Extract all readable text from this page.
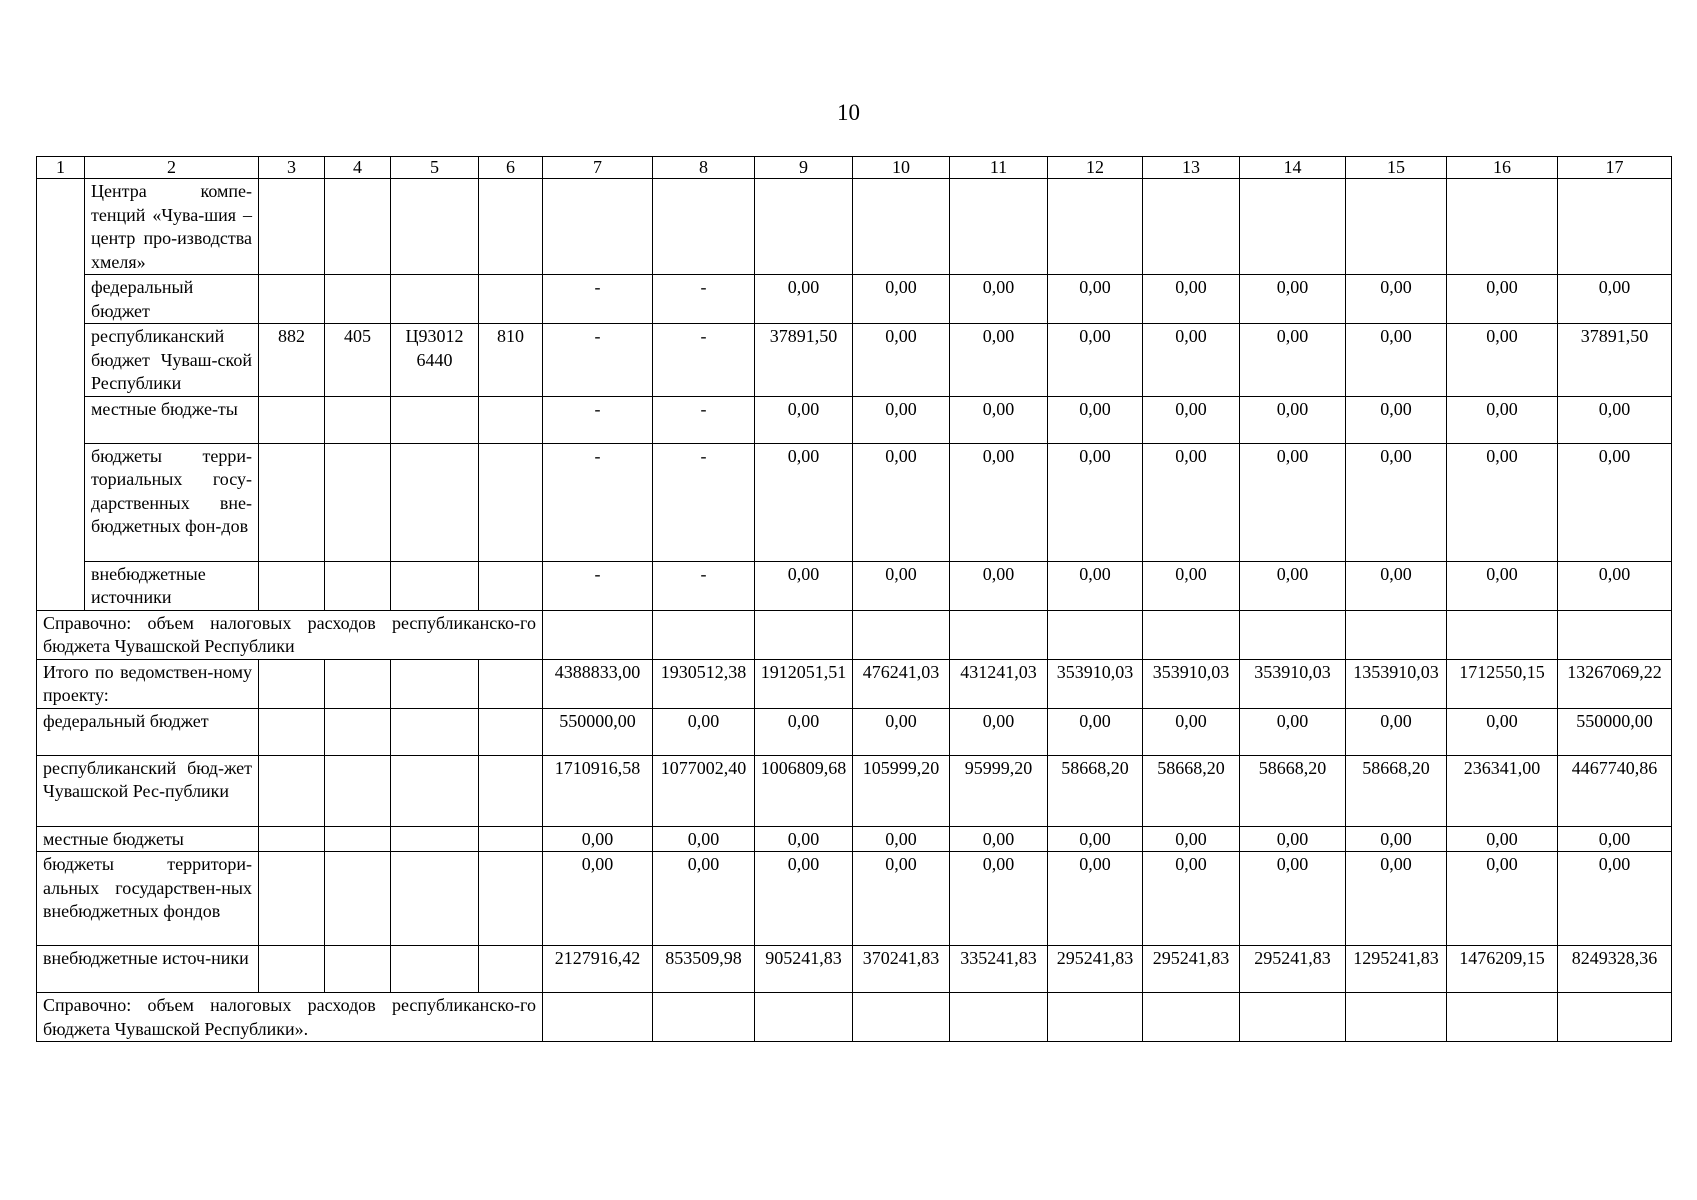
10
1	2	3	4	5	6	7	8	9	10	11	12	13	14	15	16	17
	Центра компе-тенций «Чува-шия – центр про-изводства хмеля»															
	федеральный бюджет					-	-	0,00	0,00	0,00	0,00	0,00	0,00	0,00	0,00	0,00
	республиканский бюджет Чуваш-ской Республики	882	405	Ц93012 6440	810	-	-	37891,50	0,00	0,00	0,00	0,00	0,00	0,00	0,00	37891,50
	местные бюдже-ты					-	-	0,00	0,00	0,00	0,00	0,00	0,00	0,00	0,00	0,00
	бюджеты терри-ториальных госу-дарственных вне-бюджетных фон-дов					-	-	0,00	0,00	0,00	0,00	0,00	0,00	0,00	0,00	0,00
	внебюджетные источники					-	-	0,00	0,00	0,00	0,00	0,00	0,00	0,00	0,00	0,00
Справочно: объем налоговых расходов республиканско-го бюджета Чувашской Республики																
Итого по ведомствен-ному проекту:						4388833,00	1930512,38	1912051,51	476241,03	431241,03	353910,03	353910,03	353910,03	1353910,03	1712550,15	13267069,22
федеральный бюджет						550000,00	0,00	0,00	0,00	0,00	0,00	0,00	0,00	0,00	0,00	550000,00
республиканский бюд-жет Чувашской Рес-публики						1710916,58	1077002,40	1006809,68	105999,20	95999,20	58668,20	58668,20	58668,20	58668,20	236341,00	4467740,86
местные бюджеты						0,00	0,00	0,00	0,00	0,00	0,00	0,00	0,00	0,00	0,00	0,00
бюджеты территори-альных государствен-ных внебюджетных фондов						0,00	0,00	0,00	0,00	0,00	0,00	0,00	0,00	0,00	0,00	0,00
внебюджетные источ-ники						2127916,42	853509,98	905241,83	370241,83	335241,83	295241,83	295241,83	295241,83	1295241,83	1476209,15	8249328,36
Справочно: объем налоговых расходов республиканско-го бюджета Чувашской Республики».																
